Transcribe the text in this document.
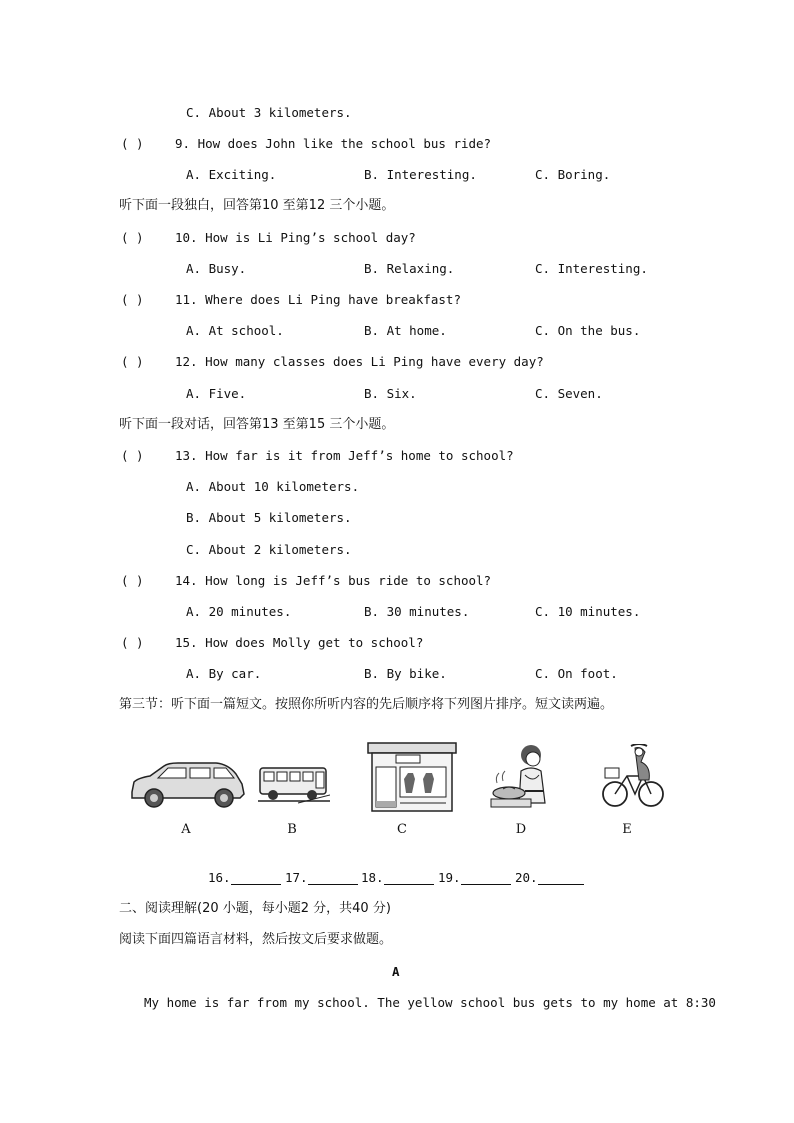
C. About 3 kilometers.
( )	9. How does John like the school bus ride?
A. Exciting.	B. Interesting.	C. Boring.
听下面一段独白，回答第10 至第12 三个小题。
( )	10. How is Li Ping’s school day?
A. Busy.	B. Relaxing.	C. Interesting.
( )	11. Where does Li Ping have breakfast?
A. At school.	B. At home.	C. On the bus.
( )	12. How many classes does Li Ping have every day?
A. Five.	B. Six.	C. Seven.
听下面一段对话，回答第13 至第15 三个小题。
( )	13. How far is it from Jeff’s home to school?
A. About 10 kilometers.
B. About 5 kilometers.
C. About 2 kilometers.
( )	14. How long is Jeff’s bus ride to school?
A. 20 minutes.	B. 30 minutes.	C. 10 minutes.
( )	15. How does Molly get to school?
A. By car.	B. By bike.	C. On foot.
第三节：听下面一篇短文。按照你所听内容的先后顺序将下列图片排序。短文读两遍。
A	B	C	D	E
16.	17.	18.	19.	20.
二、阅读理解(20 小题，每小题2 分，共40 分)
阅读下面四篇语言材料，然后按文后要求做题。
A
My home is far from my school. The yellow school bus gets to my home at 8:30
